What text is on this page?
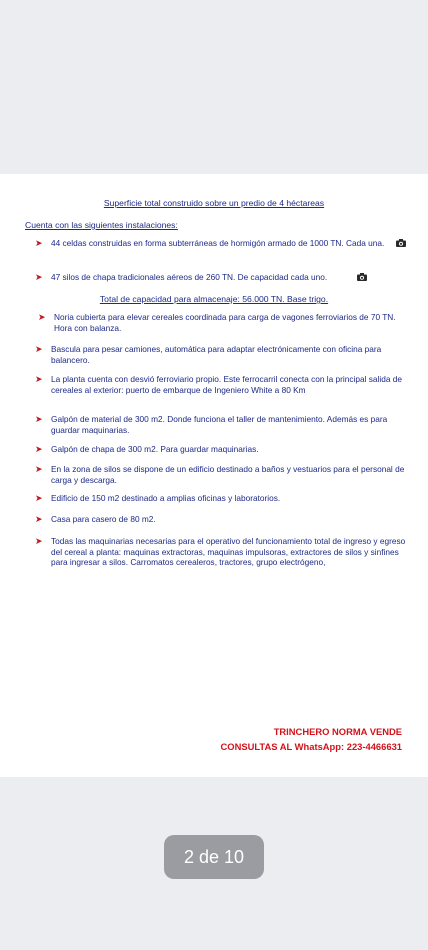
Superficie total construido sobre un predio de 4 héctareas
Cuenta con las siguientes instalaciones:
➤	44 celdas construidas en forma subterráneas de hormigón armado de 1000 TN. Cada una.
➤	47 silos de chapa tradicionales aéreos de 260 TN. De capacidad cada uno.
Total de capacidad para almacenaje: 56.000 TN. Base trigo.
➤	Noria cubierta para elevar cereales coordinada para carga de vagones ferroviarios de 70 TN. Hora con balanza.
➤	Bascula para pesar camiones, automática para adaptar electrónicamente con oficina para balancero.
➤	La planta cuenta con desvió ferroviario propio. Este ferrocarril conecta con la principal salida de cereales al exterior: puerto de embarque de Ingeniero White a 80 Km
➤	Galpón de material de 300 m2. Donde funciona el taller de mantenimiento. Además es para guardar maquinarias.
➤	Galpón de chapa de 300 m2. Para guardar maquinarias.
➤	En la zona de silos se dispone de un edificio destinado a baños y vestuarios para el personal de carga y descarga.
➤	Edificio de 150 m2 destinado a amplias oficinas y laboratorios.
➤	Casa para casero de 80 m2.
➤	Todas las maquinarias necesarias para el operativo del funcionamiento total de ingreso y egreso del cereal a planta: maquinas extractoras, maquinas impulsoras, extractores de silos y sinfines para ingresar a silos. Carromatos cerealeros, tractores, grupo electrógeno,
TRINCHERO NORMA VENDE
CONSULTAS AL WhatsApp: 223-4466631
2 de 10
